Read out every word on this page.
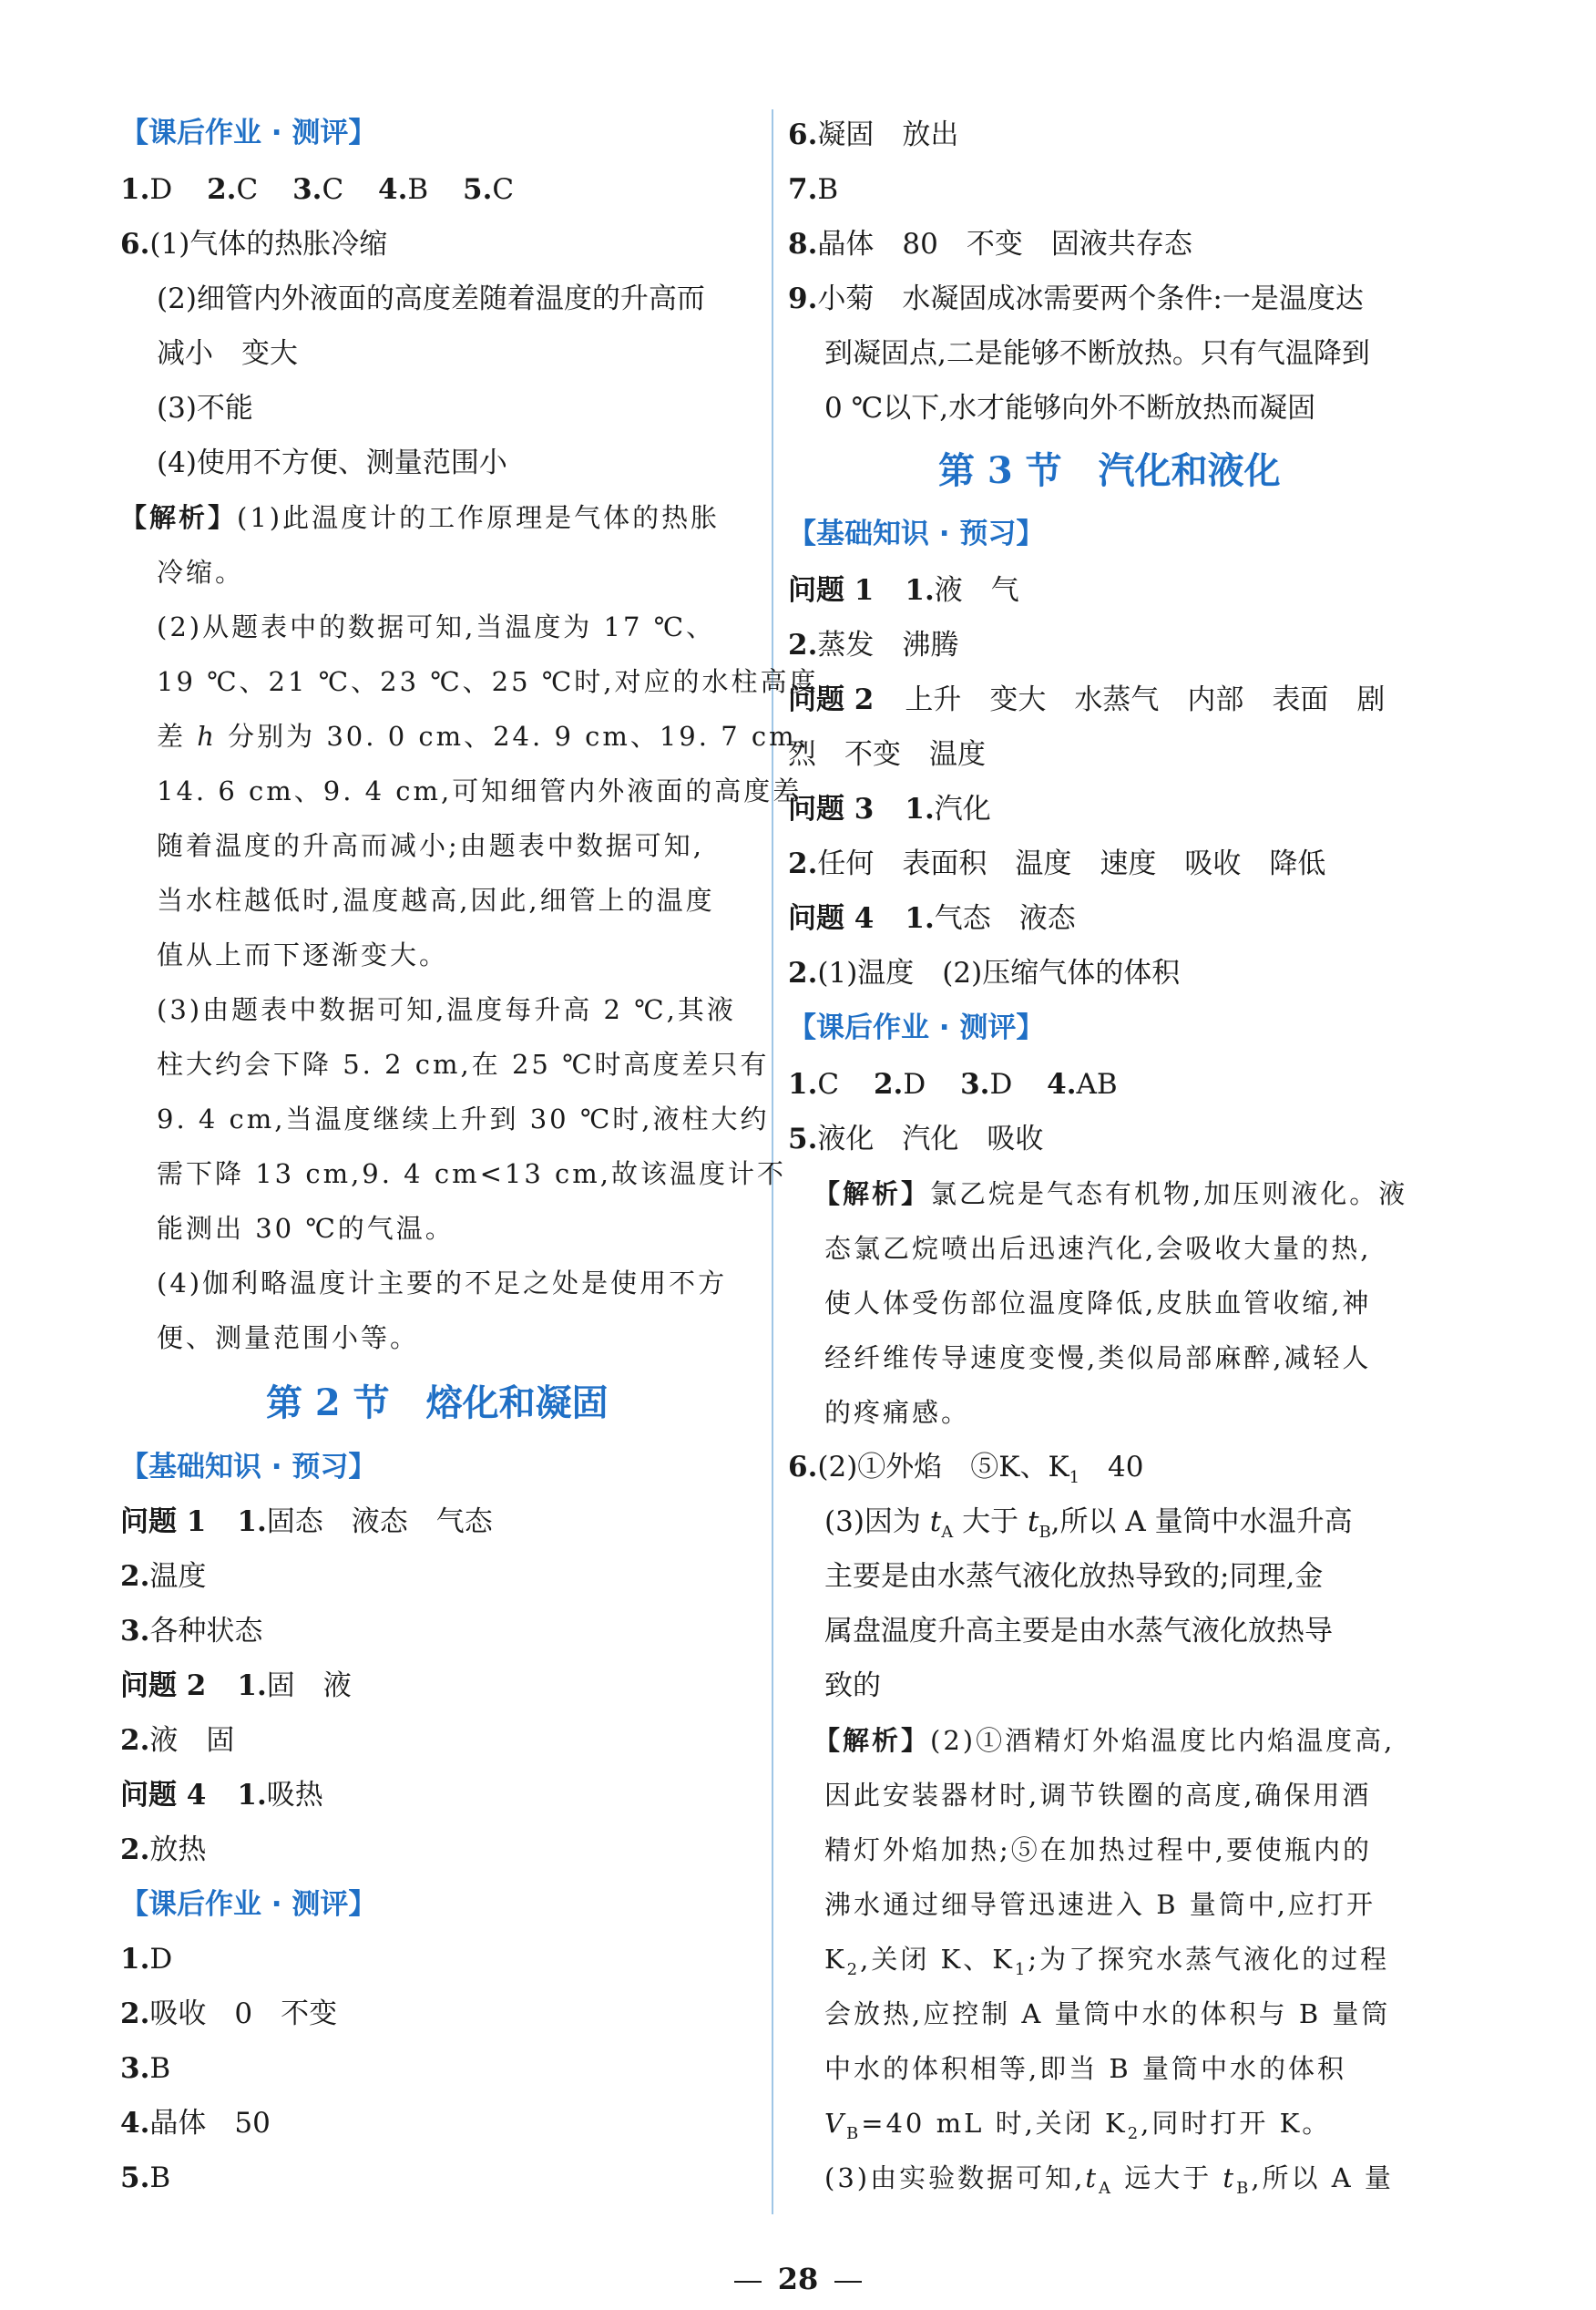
【课后作业 · 测评】
1.D 2.C 3.C 4.B 5.C
6.(1)气体的热胀冷缩
(2)细管内外液面的高度差随着温度的升高而
减小　变大
(3)不能
(4)使用不方便、测量范围小
【解析】(1)此温度计的工作原理是气体的热胀
冷缩。
(2)从题表中的数据可知,当温度为 17 ℃、
19 ℃、21 ℃、23 ℃、25 ℃时,对应的水柱高度
差 h 分别为 30. 0 cm、24. 9 cm、19. 7 cm、
14. 6 cm、9. 4 cm,可知细管内外液面的高度差
随着温度的升高而减小;由题表中数据可知,
当水柱越低时,温度越高,因此,细管上的温度
值从上而下逐渐变大。
(3)由题表中数据可知,温度每升高 2 ℃,其液
柱大约会下降 5. 2 cm,在 25 ℃时高度差只有
9. 4 cm,当温度继续上升到 30 ℃时,液柱大约
需下降 13 cm,9. 4 cm<13 cm,故该温度计不
能测出 30 ℃的气温。
(4)伽利略温度计主要的不足之处是使用不方
便、测量范围小等。
第 2 节　熔化和凝固
【基础知识 · 预习】
问题 1 1.固态　液态　气态
2.温度
3.各种状态
问题 2 1.固　液
2.液　固
问题 4 1.吸热
2.放热
【课后作业 · 测评】
1.D
2.吸收　0　不变
3.B
4.晶体　50
5.B
6.凝固　放出
7.B
8.晶体　80　不变　固液共存态
9.小菊　水凝固成冰需要两个条件:一是温度达
到凝固点,二是能够不断放热。只有气温降到
0 ℃以下,水才能够向外不断放热而凝固
第 3 节　汽化和液化
【基础知识 · 预习】
问题 1 1.液　气
2.蒸发　沸腾
问题 2 上升　变大　水蒸气　内部　表面　剧
烈　不变　温度
问题 3 1.汽化
2.任何　表面积　温度　速度　吸收　降低
问题 4 1.气态　液态
2.(1)温度　(2)压缩气体的体积
【课后作业 · 测评】
1.C 2.D 3.D 4.AB
5.液化　汽化　吸收
【解析】氯乙烷是气态有机物,加压则液化。液
态氯乙烷喷出后迅速汽化,会吸收大量的热,
使人体受伤部位温度降低,皮肤血管收缩,神
经纤维传导速度变慢,类似局部麻醉,减轻人
的疼痛感。
6.(2)①外焰　⑤K、$K_1$　40
(3)因为 $t_A$ 大于 $t_B$,所以 A 量筒中水温升高
主要是由水蒸气液化放热导致的;同理,金
属盘温度升高主要是由水蒸气液化放热导
致的
【解析】(2)①酒精灯外焰温度比内焰温度高,
因此安装器材时,调节铁圈的高度,确保用酒
精灯外焰加热;⑤在加热过程中,要使瓶内的
沸水通过细导管迅速进入 B 量筒中,应打开
$K_2$,关闭 K、$K_1$;为了探究水蒸气液化的过程
会放热,应控制 A 量筒中水的体积与 B 量筒
中水的体积相等,即当 B 量筒中水的体积
$V_B=40$ mL 时,关闭 $K_2$,同时打开 K。
(3)由实验数据可知$,t_A$ 远大于 $t_B$,所以 A 量
28
